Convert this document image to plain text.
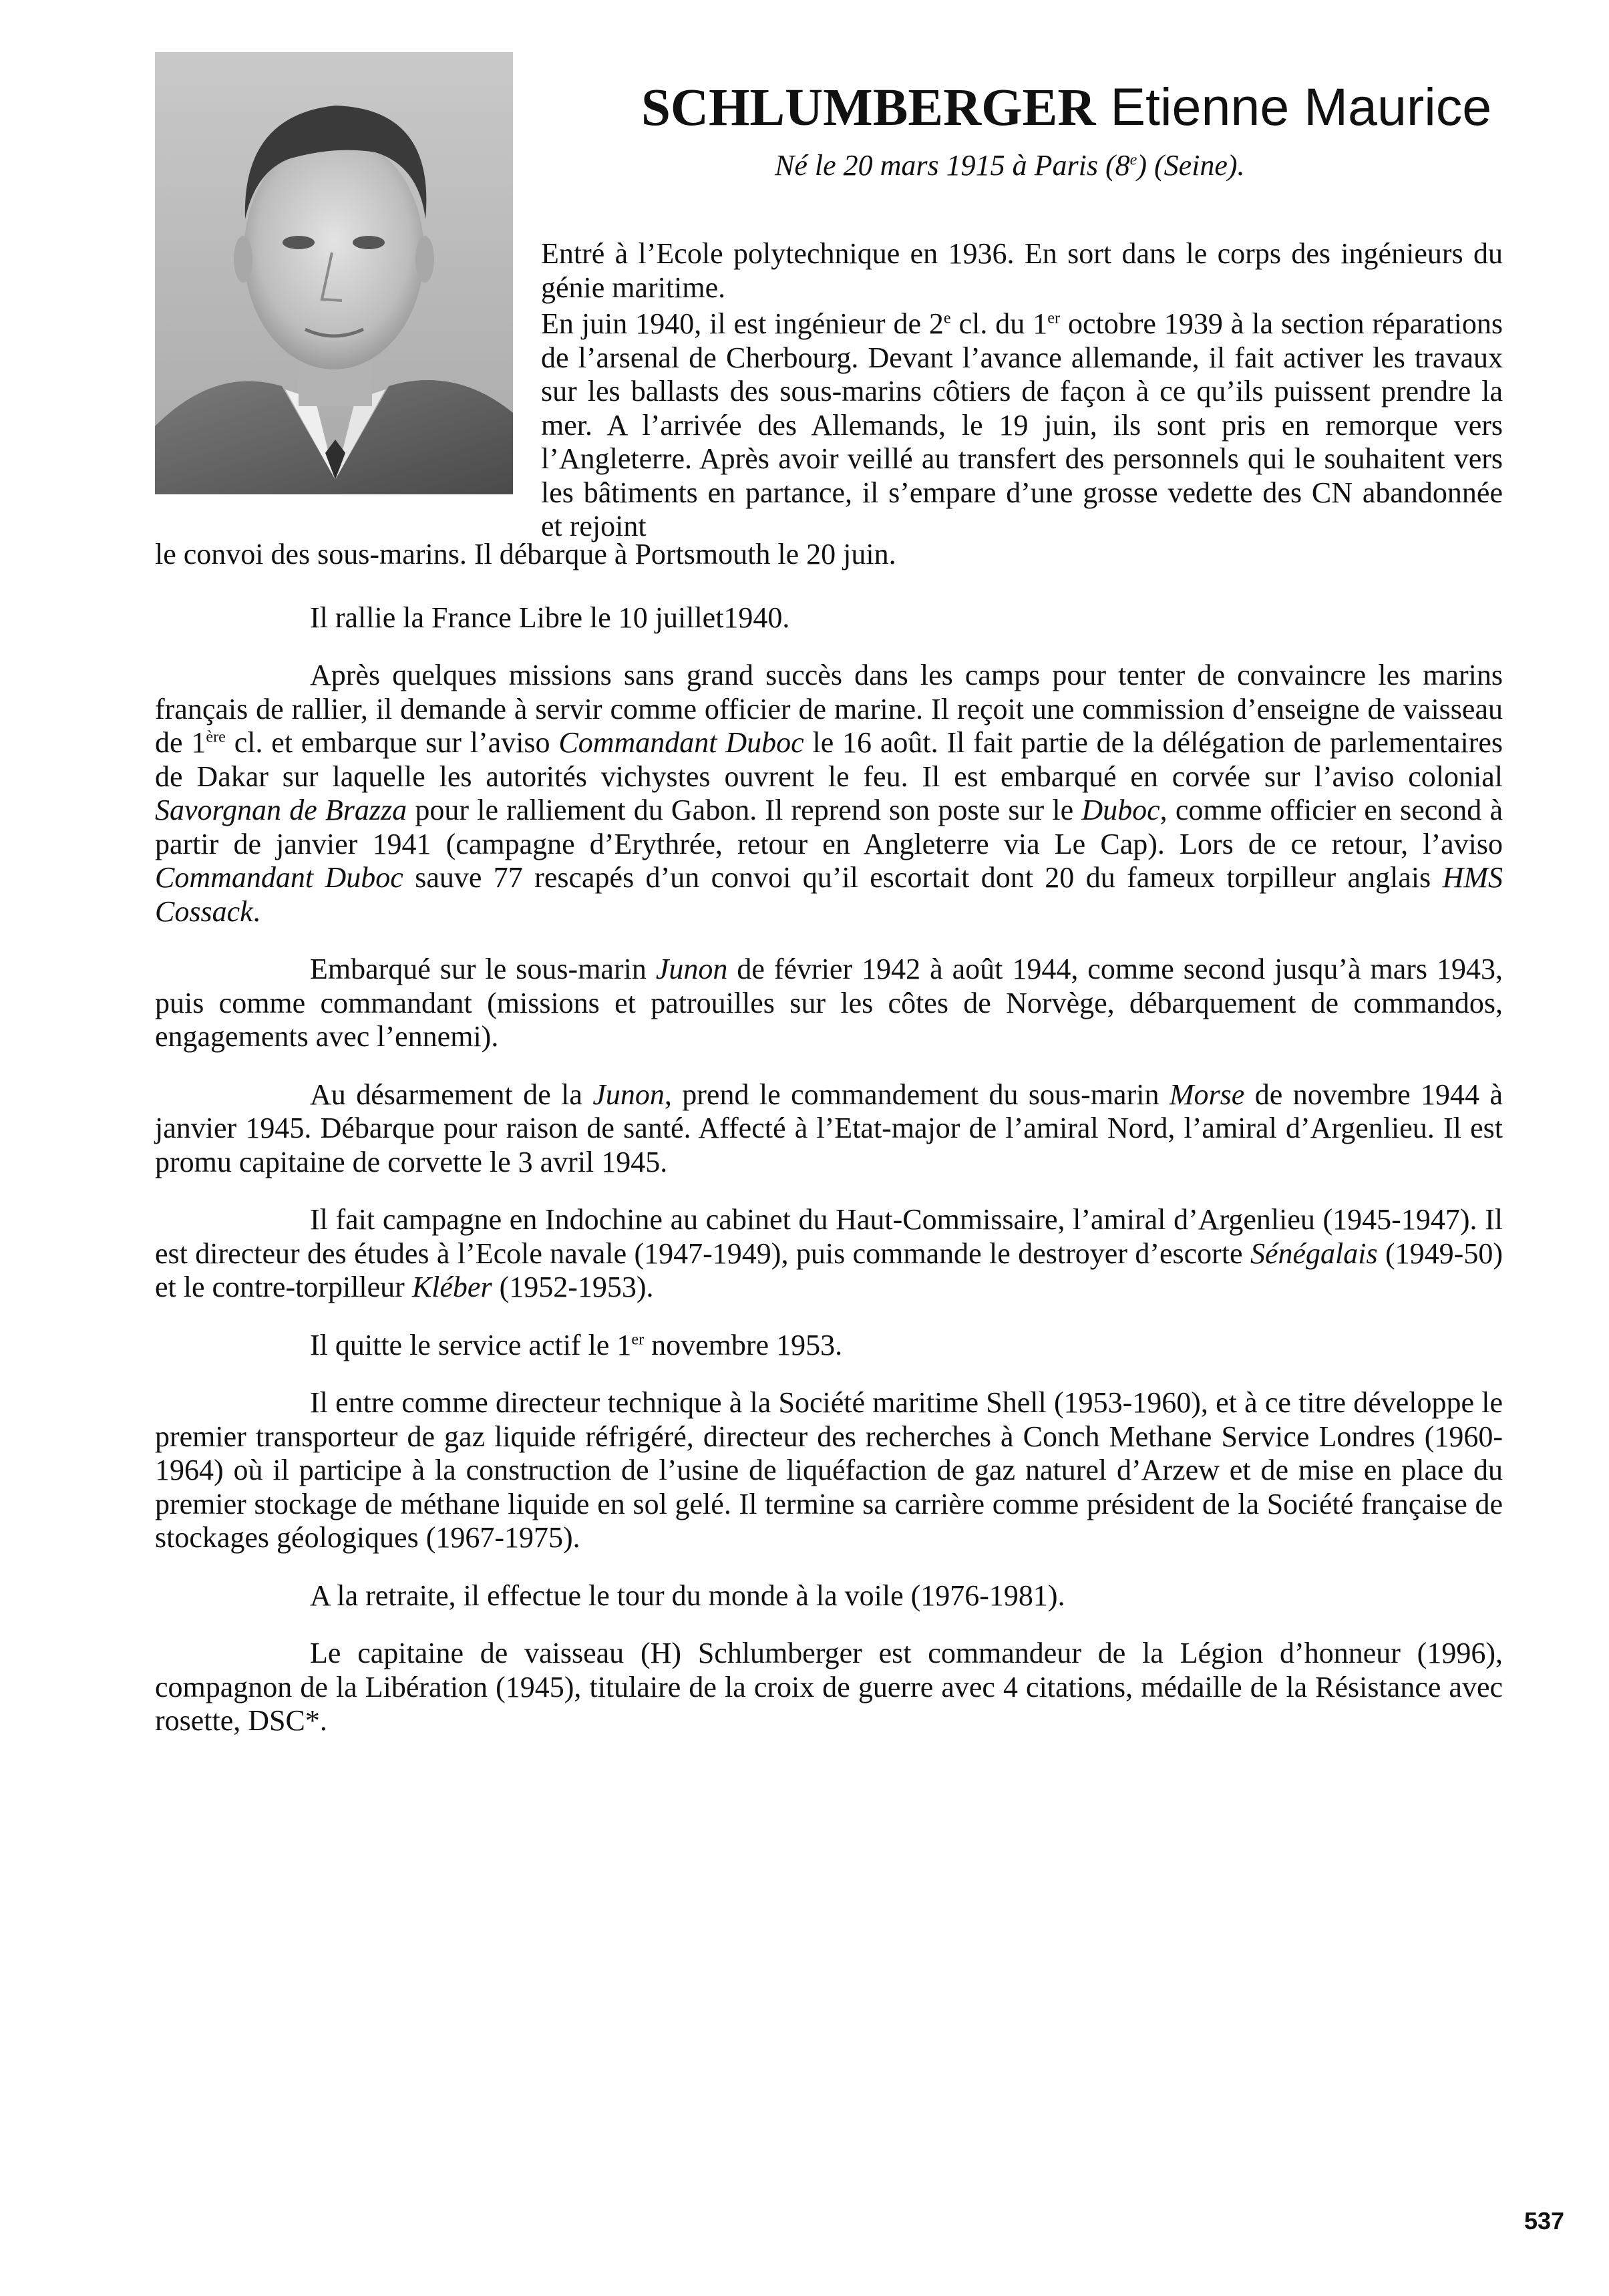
SCHLUMBERGER Etienne Maurice
Né le 20 mars 1915 à Paris (8e) (Seine).

Entré à l’Ecole polytechnique en 1936. En sort dans le corps des ingénieurs du génie maritime.

En juin 1940, il est ingénieur de 2e cl. du 1er octobre 1939 à la section réparations de l’arsenal de Cherbourg. Devant l’avance allemande, il fait activer les travaux sur les ballasts des sous-marins côtiers de façon à ce qu’ils puissent prendre la mer. A l’arrivée des Allemands, le 19 juin, ils sont pris en remorque vers l’Angleterre. Après avoir veillé au transfert des personnels qui le souhaitent vers les bâtiments en partance, il s’empare d’une grosse vedette des CN abandonnée et rejoint

le convoi des sous-marins. Il débarque à Portsmouth le 20 juin.

Il rallie la France Libre le 10 juillet1940.

Après quelques missions sans grand succès dans les camps pour tenter de convaincre les marins français de rallier, il demande à servir comme officier de marine. Il reçoit une commission d’enseigne de vaisseau de 1ère cl. et embarque sur l’aviso Commandant Duboc le 16 août. Il fait partie de la délégation de parlementaires de Dakar sur laquelle les autorités vichystes ouvrent le feu. Il est embarqué en corvée sur l’aviso colonial Savorgnan de Brazza pour le ralliement du Gabon. Il reprend son poste sur le Duboc, comme officier en second à partir de janvier 1941 (campagne d’Erythrée, retour en Angleterre via Le Cap). Lors de ce retour, l’aviso Commandant Duboc sauve 77 rescapés d’un convoi qu’il escortait dont 20 du fameux torpilleur anglais HMS Cossack.

Embarqué sur le sous-marin Junon de février 1942 à août 1944, comme second jusqu’à mars 1943, puis comme commandant (missions et patrouilles sur les côtes de Norvège, débarquement de commandos, engagements avec l’ennemi).

Au désarmement de la Junon, prend le commandement du sous-marin Morse de novembre 1944 à janvier 1945. Débarque pour raison de santé. Affecté à l’Etat-major de l’amiral Nord, l’amiral d’Argenlieu. Il est promu capitaine de corvette le 3 avril 1945.

Il fait campagne en Indochine au cabinet du Haut-Commissaire, l’amiral d’Argenlieu (1945-1947). Il est directeur des études à l’Ecole navale (1947-1949), puis commande le destroyer d’escorte Sénégalais (1949-50) et le contre-torpilleur Kléber (1952-1953).

Il quitte le service actif le 1er novembre 1953.

Il entre comme directeur technique à la Société maritime Shell (1953-1960), et à ce titre développe le premier transporteur de gaz liquide réfrigéré, directeur des recherches à Conch Methane Service Londres (1960-1964) où il participe à la construction de l’usine de liquéfaction de gaz naturel d’Arzew et de mise en place du premier stockage de méthane liquide en sol gelé. Il termine sa carrière comme président de la Société française de stockages géologiques (1967-1975).

A la retraite, il effectue le tour du monde à la voile (1976-1981).

Le capitaine de vaisseau (H) Schlumberger est commandeur de la Légion d’honneur (1996), compagnon de la Libération (1945), titulaire de la croix de guerre avec 4 citations, médaille de la Résistance avec rosette, DSC*.

537
